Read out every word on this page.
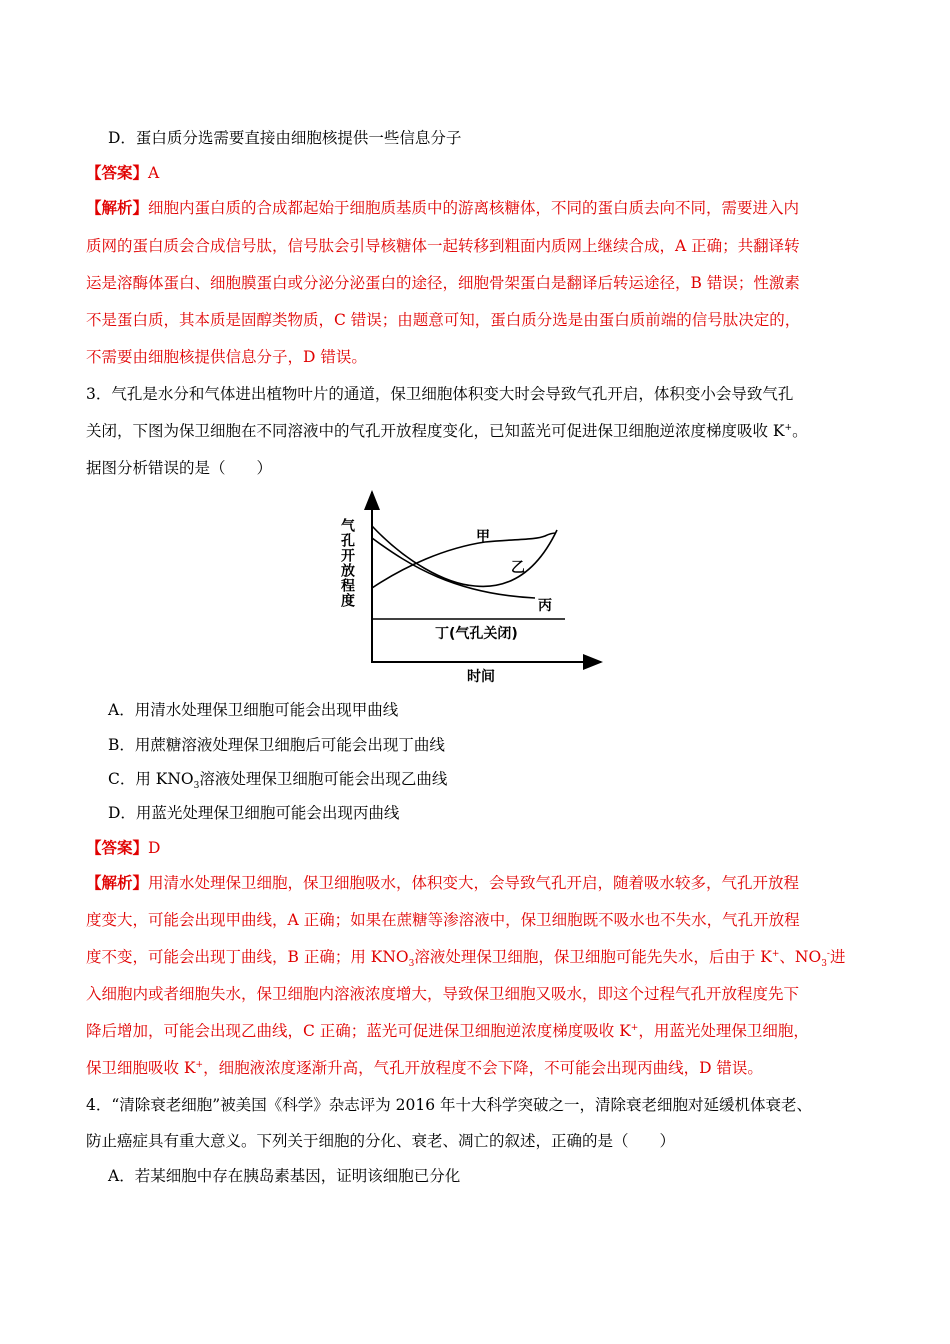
D．蛋白质分选需要直接由细胞核提供一些信息分子
【答案】A
【解析】细胞内蛋白质的合成都起始于细胞质基质中的游离核糖体，不同的蛋白质去向不同，需要进入内
质网的蛋白质会合成信号肽，信号肽会引导核糖体一起转移到粗面内质网上继续合成，A 正确；共翻译转
运是溶酶体蛋白、细胞膜蛋白或分泌分泌蛋白的途径，细胞骨架蛋白是翻译后转运途径，B 错误；性激素
不是蛋白质，其本质是固醇类物质，C 错误；由题意可知，蛋白质分选是由蛋白质前端的信号肽决定的，
不需要由细胞核提供信息分子，D 错误。
3．气孔是水分和气体进出植物叶片的通道，保卫细胞体积变大时会导致气孔开启，体积变小会导致气孔
关闭，下图为保卫细胞在不同溶液中的气孔开放程度变化，已知蓝光可促进保卫细胞逆浓度梯度吸收 K+。
据图分析错误的是（　　）
甲
乙
丙
丁(气孔关闭)
时间
气孔开放程度
A．用清水处理保卫细胞可能会出现甲曲线
B．用蔗糖溶液处理保卫细胞后可能会出现丁曲线
C．用 $KNO_3$溶液处理保卫细胞可能会出现乙曲线
D．用蓝光处理保卫细胞可能会出现丙曲线
【答案】D
【解析】用清水处理保卫细胞，保卫细胞吸水，体积变大，会导致气孔开启，随着吸水较多，气孔开放程
度变大，可能会出现甲曲线，A 正确；如果在蔗糖等渗溶液中，保卫细胞既不吸水也不失水，气孔开放程
度不变，可能会出现丁曲线，B 正确；用 $KNO_3$溶液处理保卫细胞，保卫细胞可能先失水，后由于 K+、$NO_3^-$进
入细胞内或者细胞失水，保卫细胞内溶液浓度增大，导致保卫细胞又吸水，即这个过程气孔开放程度先下
降后增加，可能会出现乙曲线，C 正确；蓝光可促进保卫细胞逆浓度梯度吸收 K+，用蓝光处理保卫细胞，
保卫细胞吸收 K+，细胞液浓度逐渐升高，气孔开放程度不会下降，不可能会出现丙曲线，D 错误。
4．“清除衰老细胞”被美国《科学》杂志评为 2016 年十大科学突破之一，清除衰老细胞对延缓机体衰老、
防止癌症具有重大意义。下列关于细胞的分化、衰老、凋亡的叙述，正确的是（　　）
A．若某细胞中存在胰岛素基因，证明该细胞已分化
